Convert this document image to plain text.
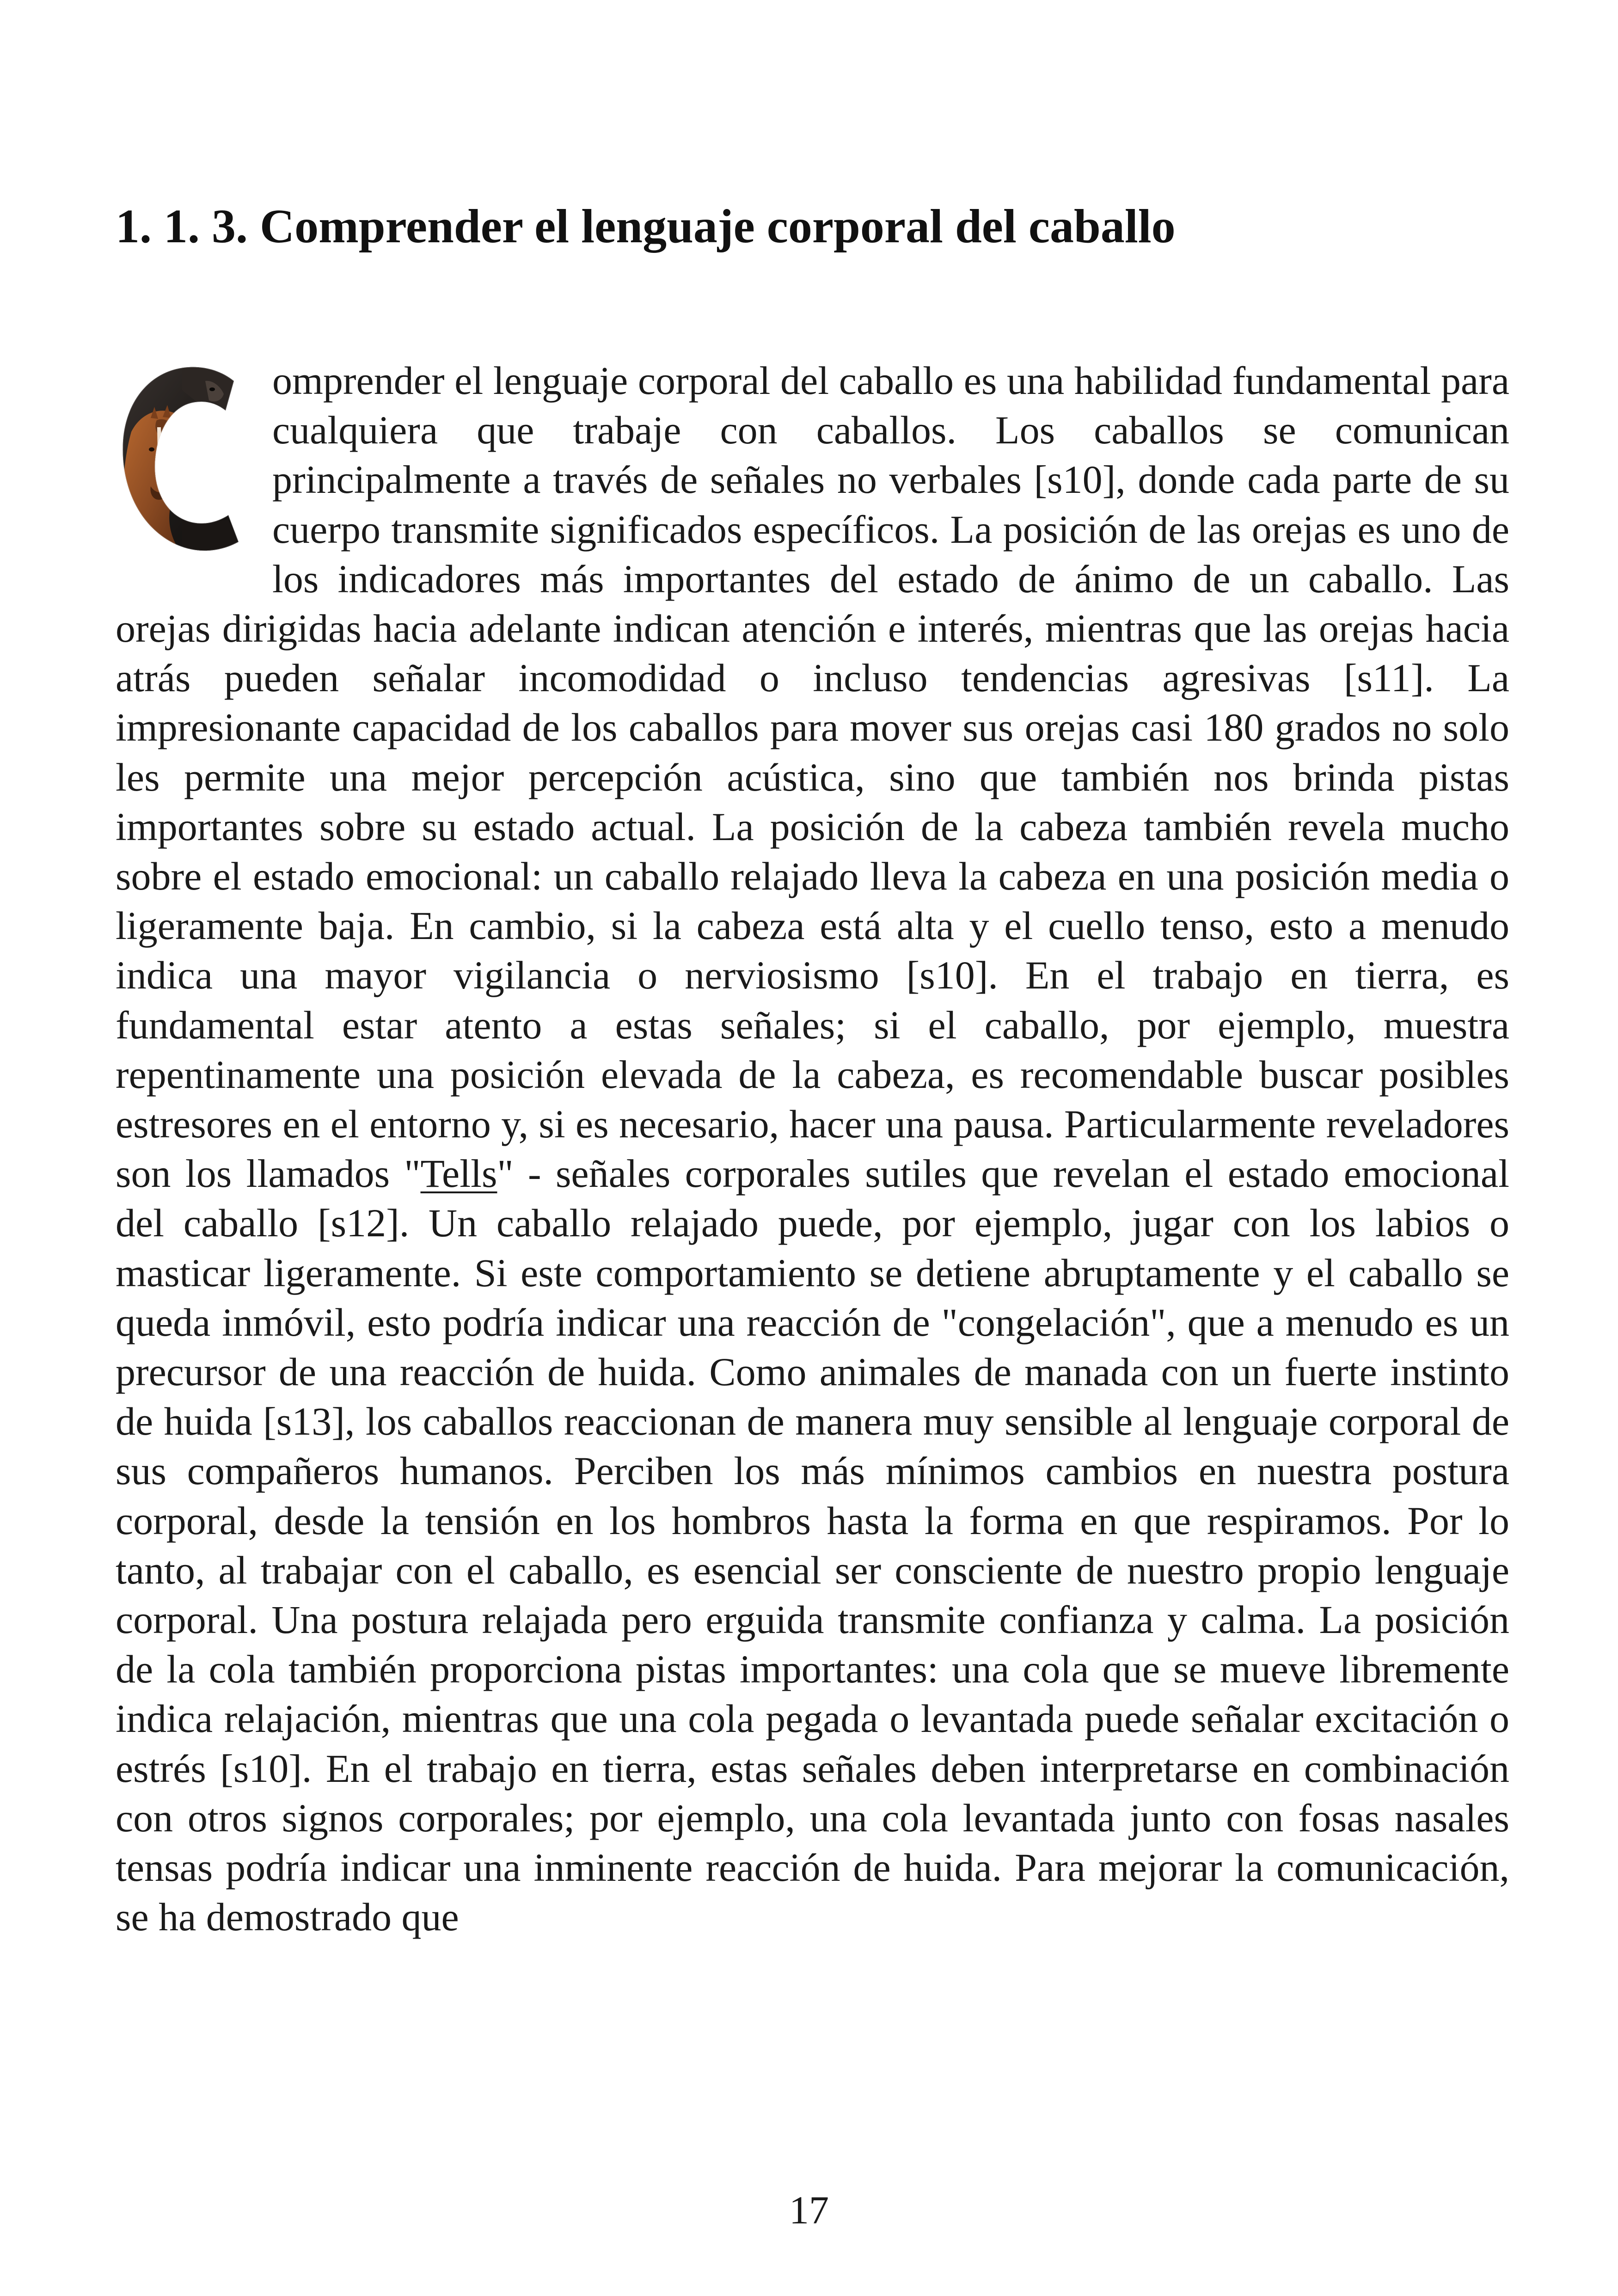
1. 1. 3. Comprender el lenguaje corporal del caballo

omprender el lenguaje corporal del caballo es una habilidad fundamental para cualquiera que trabaje con caballos. Los caballos se comunican principalmente a través de señales no verbales [s10], donde cada parte de su cuerpo transmite significados específicos. La posición de las orejas es uno de los indicadores más importantes del estado de ánimo de un caballo. Las orejas dirigidas hacia adelante indican atención e interés, mientras que las orejas hacia atrás pueden señalar incomodidad o incluso tendencias agresivas [s11]. La impresionante capacidad de los caballos para mover sus orejas casi 180 grados no solo les permite una mejor percepción acústica, sino que también nos brinda pistas importantes sobre su estado actual. La posición de la cabeza también revela mucho sobre el estado emocional: un caballo relajado lleva la cabeza en una posición media o ligeramente baja. En cambio, si la cabeza está alta y el cuello tenso, esto a menudo indica una mayor vigilancia o nerviosismo [s10]. En el trabajo en tierra, es fundamental estar atento a estas señales; si el caballo, por ejemplo, muestra repentinamente una posición elevada de la cabeza, es recomendable buscar posibles estresores en el entorno y, si es necesario, hacer una pausa. Particularmente reveladores son los llamados "Tells" - señales corporales sutiles que revelan el estado emocional del caballo [s12]. Un caballo relajado puede, por ejemplo, jugar con los labios o masticar ligeramente. Si este comportamiento se detiene abruptamente y el caballo se queda inmóvil, esto podría indicar una reacción de "congelación", que a menudo es un precursor de una reacción de huida. Como animales de manada con un fuerte instinto de huida [s13], los caballos reaccionan de manera muy sensible al lenguaje corporal de sus compañeros humanos. Perciben los más mínimos cambios en nuestra postura corporal, desde la tensión en los hombros hasta la forma en que respiramos. Por lo tanto, al trabajar con el caballo, es esencial ser consciente de nuestro propio lenguaje corporal. Una postura relajada pero erguida transmite confianza y calma. La posición de la cola también proporciona pistas importantes: una cola que se mueve libremente indica relajación, mientras que una cola pegada o levantada puede señalar excitación o estrés [s10]. En el trabajo en tierra, estas señales deben interpretarse en combinación con otros signos corporales; por ejemplo, una cola levantada junto con fosas nasales tensas podría indicar una inminente reacción de huida. Para mejorar la comunicación, se ha demostrado que

17
